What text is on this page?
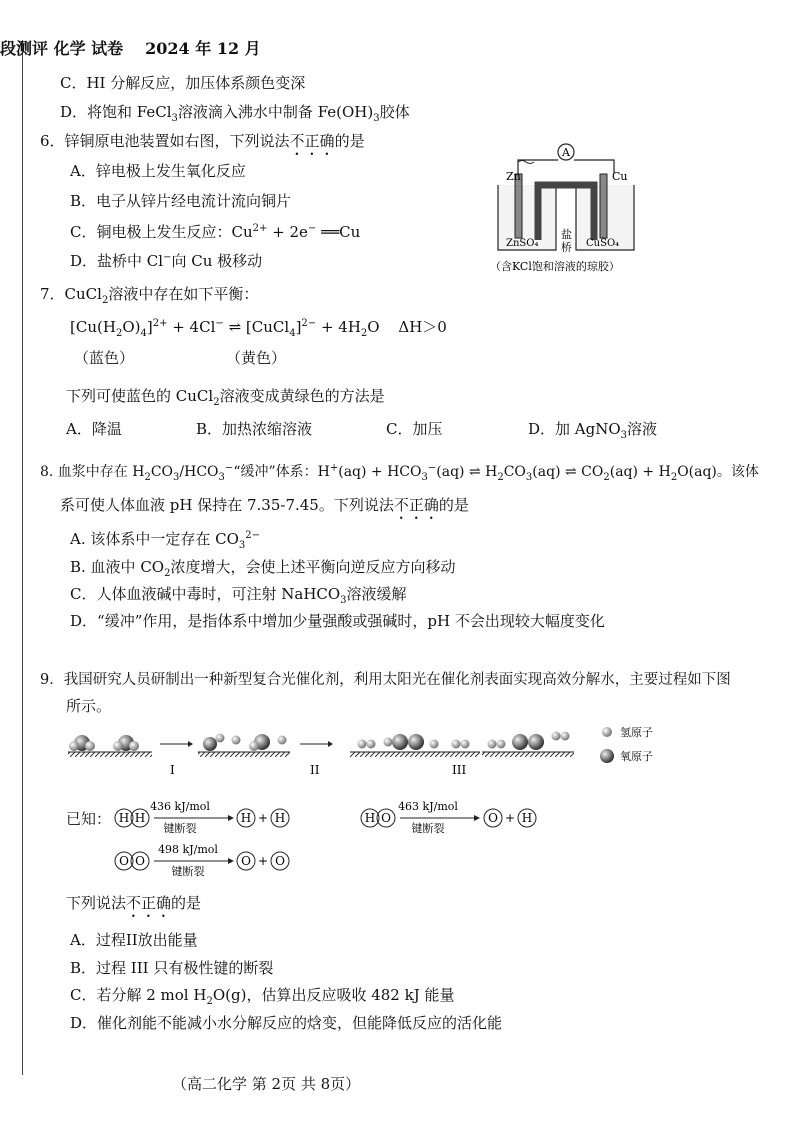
段测评 化学 试卷 2024 年 12 月
C．HI 分解反应，加压体系颜色变深
D．将饱和 FeCl$_3$溶液滴入沸水中制备 $Fe(OH)_3$胶体
6．锌铜原电池装置如右图，下列说法不正确的是
A．锌电极上发生氧化反应
B．电子从锌片经电流计流向铜片
C．铜电极上发生反应：$Cu^{2+} + 2e^-$ ══Cu
D．盐桥中 Cl−向 Cu 极移动
A
Zn	Cu
ZnSO₄	CuSO₄
盐
桥
（含KCl饱和溶液的琼胶）
7．CuCl$_2$溶液中存在如下平衡：
$[Cu(H_2O)_4]^{2+} + 4Cl^-$ ⇌ [CuCl$_4$]$^{2-}$ + $4H_2O$ ΔH＞0
（蓝色）	（黄色）
下列可使蓝色的 CuCl$_2$溶液变成黄绿色的方法是
A．降温	B．加热浓缩溶液	C．加压	D．加 AgNO$_3$溶液
8. 血浆中存在 $H_2CO_3/HCO_3^-“$缓冲”体系：$H^+(aq) + HCO_3^-(aq)$ ⇌ $H_2CO_3(aq)$ ⇌ $CO_2(aq) + H_2O(aq)$。该体
系可使人体血液 pH 保持在 7.35-7.45。下列说法不正确的是
A. 该体系中一定存在 $CO_3^{2-}$
B. 血液中 $CO_2$浓度增大，会使上述平衡向逆反应方向移动
C．人体血液碱中毒时，可注射 NaHCO$_3$溶液缓解
D．“缓冲”作用，是指体系中增加少量强酸或强碱时，pH 不会出现较大幅度变化
9．我国研究人员研制出一种新型复合光催化剂，利用太阳光在催化剂表面实现高效分解水，主要过程如下图
所示。
I	II	III
氢原子
氧原子
已知： H H
436 kJ/mol
键断裂
H + H	H O
463 kJ/mol
键断裂
O + H
O O
498 kJ/mol
键断裂
O + O
下列说法不正确的是
A．过程II放出能量
B．过程 III 只有极性键的断裂
C．若分解 2 mol $H_2O(g)$，估算出反应吸收 482 kJ 能量
D．催化剂能不能减小水分解反应的焓变，但能降低反应的活化能
（高二化学 第 2页 共 8页）
